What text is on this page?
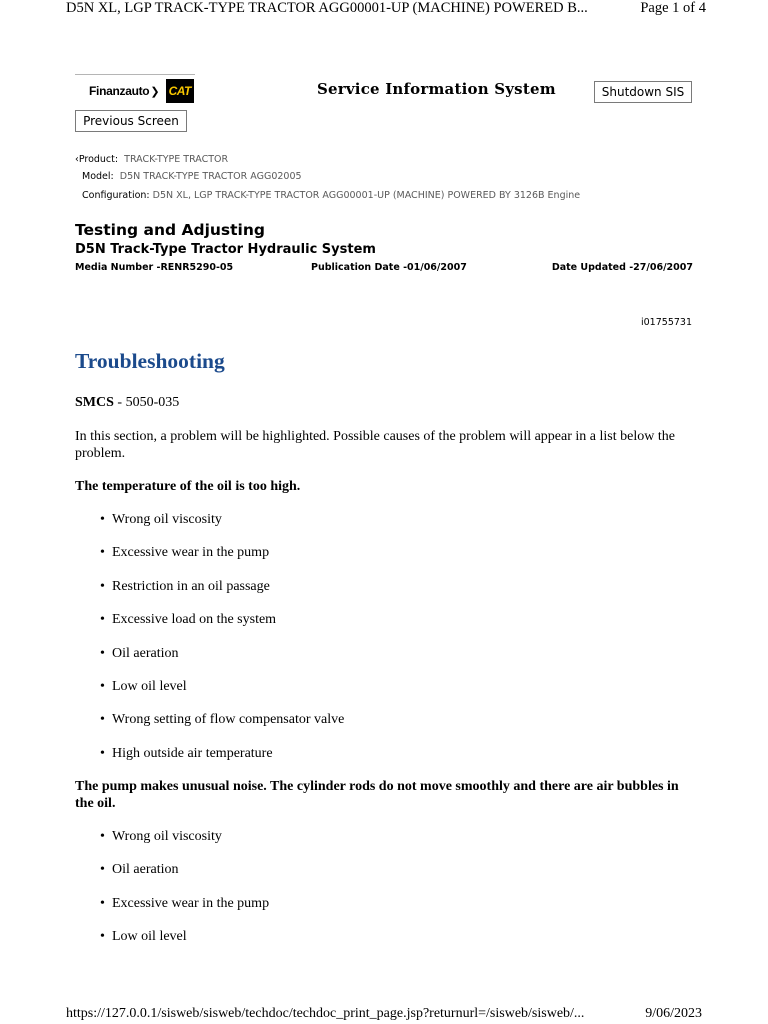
D5N XL, LGP TRACK-TYPE TRACTOR AGG00001-UP (MACHINE) POWERED B...	Page 1 of 4
Finanzauto ❯ CAT	Service Information System	Shutdown SIS
Previous Screen
‹Product: TRACK-TYPE TRACTOR
Model: D5N TRACK-TYPE TRACTOR AGG02005
Configuration: D5N XL, LGP TRACK-TYPE TRACTOR AGG00001-UP (MACHINE) POWERED BY 3126B Engine
Testing and Adjusting
D5N Track-Type Tractor Hydraulic System
Media Number -RENR5290-05	Publication Date -01/06/2007	Date Updated -27/06/2007
i01755731
Troubleshooting

SMCS - 5050-035

In this section, a problem will be highlighted. Possible causes of the problem will appear in a list below the problem.

The temperature of the oil is too high.

• Wrong oil viscosity
• Excessive wear in the pump
• Restriction in an oil passage
• Excessive load on the system
• Oil aeration
• Low oil level
• Wrong setting of flow compensator valve
• High outside air temperature

The pump makes unusual noise. The cylinder rods do not move smoothly and there are air bubbles in the oil.

• Wrong oil viscosity
• Oil aeration
• Excessive wear in the pump
• Low oil level
https://127.0.0.1/sisweb/sisweb/techdoc/techdoc_print_page.jsp?returnurl=/sisweb/sisweb/...	9/06/2023
